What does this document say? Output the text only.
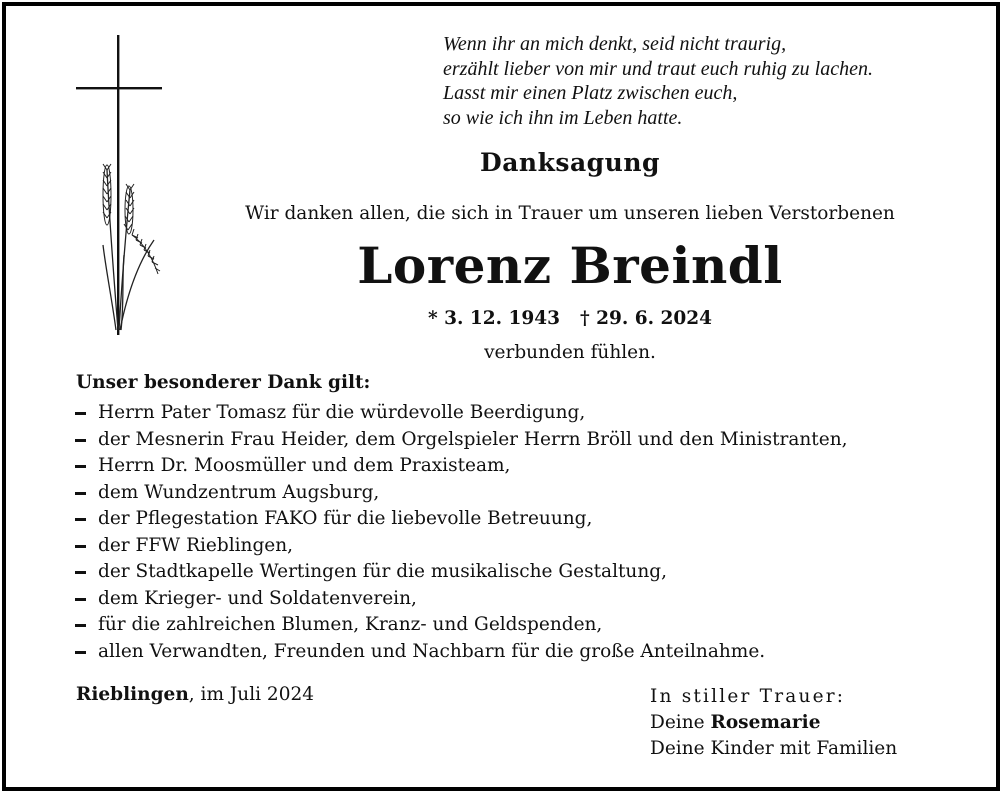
Wenn ihr an mich denkt, seid nicht traurig,
erzählt lieber von mir und traut euch ruhig zu lachen.
Lasst mir einen Platz zwischen euch,
so wie ich ihn im Leben hatte.
Danksagung
Wir danken allen, die sich in Trauer um unseren lieben Verstorbenen
Lorenz Breindl
* 3. 12. 1943 † 29. 6. 2024
verbunden fühlen.
Unser besonderer Dank gilt:
Herrn Pater Tomasz für die würdevolle Beerdigung,
der Mesnerin Frau Heider, dem Orgelspieler Herrn Bröll und den Ministranten,
Herrn Dr. Moosmüller und dem Praxisteam,
dem Wundzentrum Augsburg,
der Pflegestation FAKO für die liebevolle Betreuung,
der FFW Rieblingen,
der Stadtkapelle Wertingen für die musikalische Gestaltung,
dem Krieger- und Soldatenverein,
für die zahlreichen Blumen, Kranz- und Geldspenden,
allen Verwandten, Freunden und Nachbarn für die große Anteilnahme.
Rieblingen, im Juli 2024	In stiller Trauer:
Deine Rosemarie
Deine Kinder mit Familien
